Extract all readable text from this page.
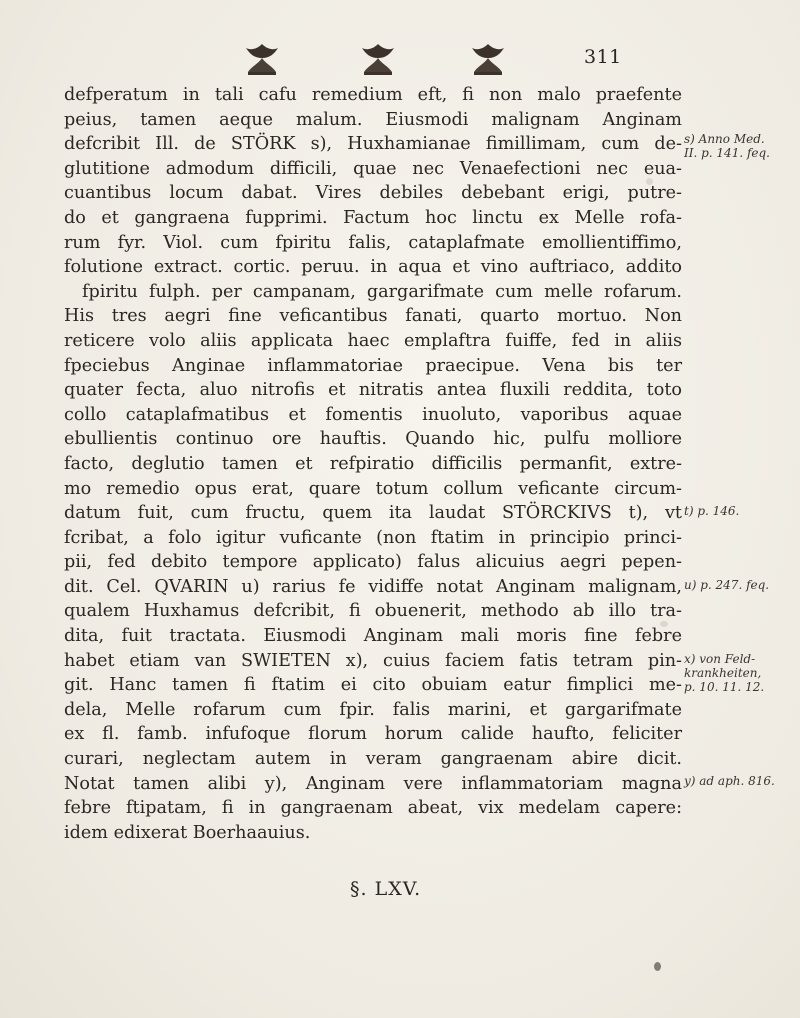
311
defperatum in tali cafu remedium eft, fi non malo praefente
peius, tamen aeque malum. Eiusmodi malignam Anginam
defcribit Ill. de STÖRK s), Huxhamianae fimillimam, cum de-
glutitione admodum difficili, quae nec Venaefectioni nec eua-
cuantibus locum dabat. Vires debiles debebant erigi, putre-
do et gangraena fupprimi. Factum hoc linctu ex Melle rofa-
rum fyr. Viol. cum fpiritu falis, cataplafmate emollientiffimo,
folutione extract. cortic. peruu. in aqua et vino auftriaco, addito
fpiritu fulph. per campanam, gargarifmate cum melle rofarum.
His tres aegri fine veficantibus fanati, quarto mortuo. Non
reticere volo aliis applicata haec emplaftra fuiffe, fed in aliis
fpeciebus Anginae inflammatoriae praecipue. Vena bis ter
quater fecta, aluo nitrofis et nitratis antea fluxili reddita, toto
collo cataplafmatibus et fomentis inuoluto, vaporibus aquae
ebullientis continuo ore hauftis. Quando hic, pulfu molliore
facto, deglutio tamen et refpiratio difficilis permanfit, extre-
mo remedio opus erat, quare totum collum veficante circum-
datum fuit, cum fructu, quem ita laudat STÖRCKIVS t), vt
fcribat, a folo igitur vuficante (non ftatim in principio princi-
pii, fed debito tempore applicato) falus alicuius aegri pepen-
dit. Cel. QVARIN u) rarius fe vidiffe notat Anginam malignam,
qualem Huxhamus defcribit, fi obuenerit, methodo ab illo tra-
dita, fuit tractata. Eiusmodi Anginam mali moris fine febre
habet etiam van SWIETEN x), cuius faciem fatis tetram pin-
git. Hanc tamen fi ftatim ei cito obuiam eatur fimplici me-
dela, Melle rofarum cum fpir. falis marini, et gargarifmate
ex fl. famb. infufoque florum horum calide haufto, feliciter
curari, neglectam autem in veram gangraenam abire dicit.
Notat tamen alibi y), Anginam vere inflammatoriam magna
febre ftipatam, fi in gangraenam abeat, vix medelam capere:
idem edixerat Boerhaauius.
s) Anno Med.
II. p. 141. feq.
t) p. 146.
u) p. 247. feq.
x) von Feld-
krankheiten,
p. 10. 11. 12.
y) ad aph. 816.
§. LXV.
